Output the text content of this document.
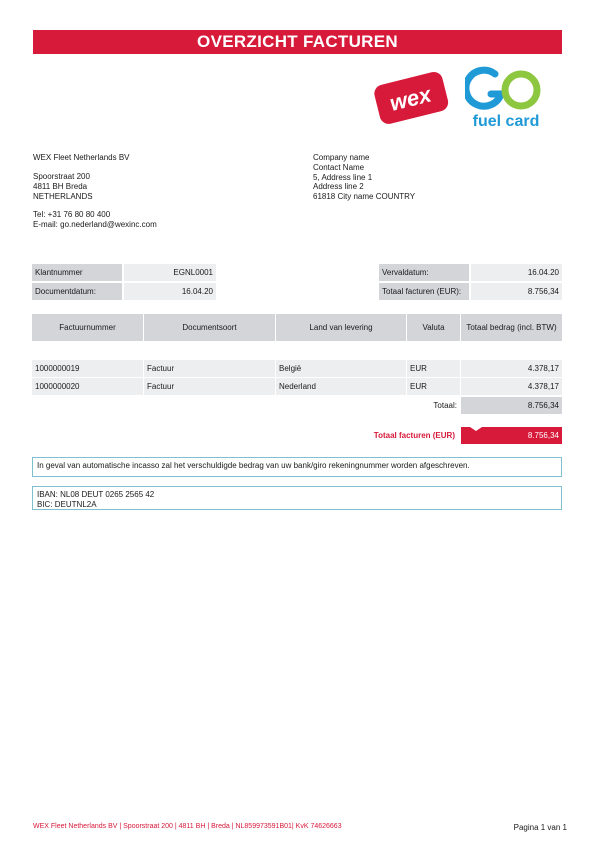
OVERZICHT FACTUREN
wex
fuel card
WEX Fleet Netherlands BV
Spoorstraat 200
4811 BH Breda
NETHERLANDS
Tel: +31 76 80 80 400
E-mail: go.nederland@wexinc.com
Company name
Contact Name
5, Address line 1
Address line 2
61818 City name COUNTRY
Klantnummer	EGNL0001
Documentdatum:	16.04.20
Vervaldatum:	16.04.20
Totaal facturen (EUR):	8.756,34
Factuurnummer	Documentsoort	Land van levering	Valuta	Totaal bedrag (incl. BTW)
1000000019	Factuur	België	EUR	4.378,17
1000000020	Factuur	Nederland	EUR	4.378,17
Totaal:	8.756,34
Totaal facturen (EUR)	8.756,34
In geval van automatische incasso zal het verschuldigde bedrag van uw bank/giro rekeningnummer worden afgeschreven.
IBAN: NL08 DEUT 0265 2565 42
BIC: DEUTNL2A
WEX Fleet Netherlands BV | Spoorstraat 200 | 4811 BH | Breda | NL859973591B01| KvK 74626663	Pagina 1 van 1
